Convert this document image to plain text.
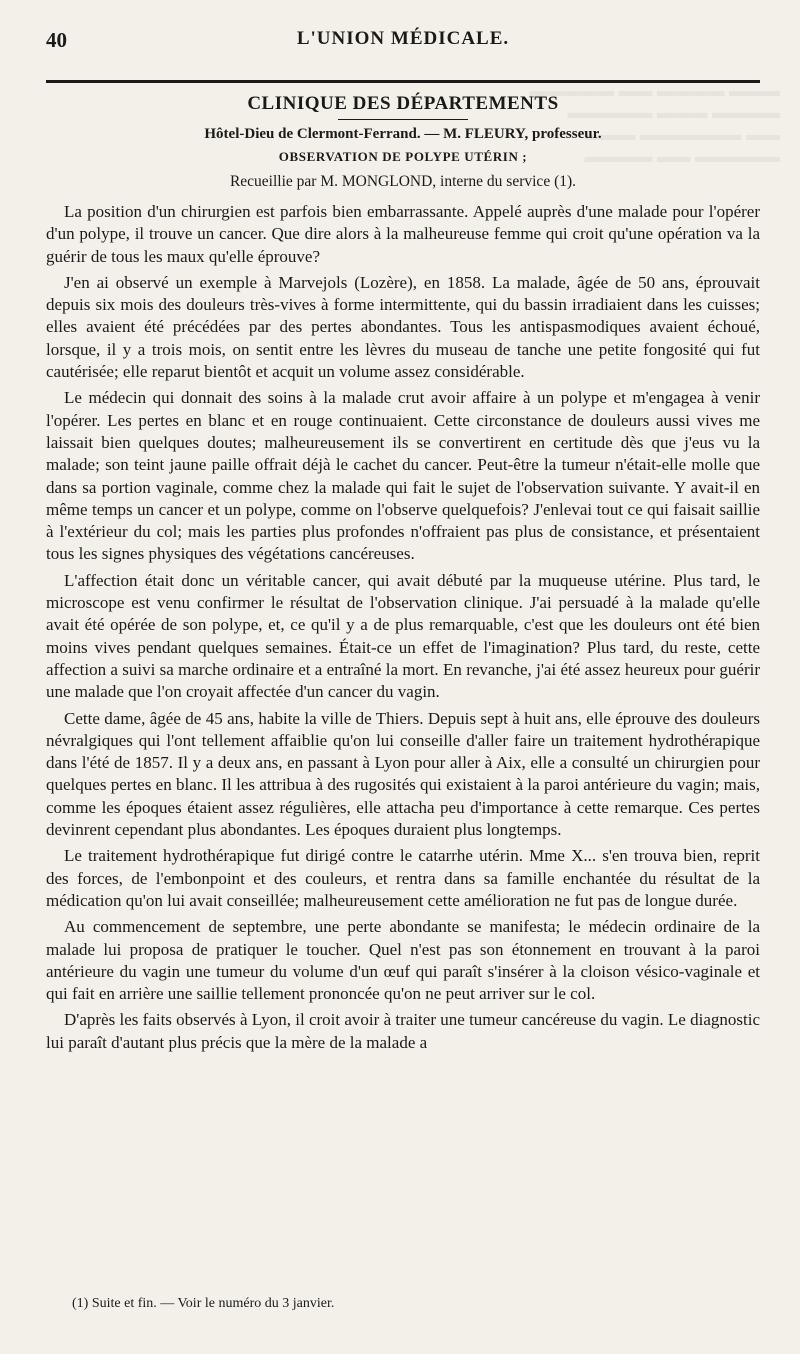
▬▬▬ ▬▬▬▬ ▬▬ ▬▬▬▬▬
▬▬▬▬ ▬▬▬ ▬▬▬▬▬
▬▬ ▬▬▬▬▬▬ ▬▬▬
▬▬▬▬▬ ▬▬ ▬▬▬▬
40	L'UNION MÉDICALE.
CLINIQUE DES DÉPARTEMENTS
Hôtel-Dieu de Clermont-Ferrand. — M. FLEURY, professeur.
OBSERVATION DE POLYPE UTÉRIN ;
Recueillie par M. MONGLOND, interne du service (1).

La position d'un chirurgien est parfois bien embarrassante. Appelé auprès d'une malade pour l'opérer d'un polype, il trouve un cancer. Que dire alors à la malheureuse femme qui croit qu'une opération va la guérir de tous les maux qu'elle éprouve?

J'en ai observé un exemple à Marvejols (Lozère), en 1858. La malade, âgée de 50 ans, éprouvait depuis six mois des douleurs très-vives à forme intermittente, qui du bassin irradiaient dans les cuisses; elles avaient été précédées par des pertes abondantes. Tous les antispasmodiques avaient échoué, lorsque, il y a trois mois, on sentit entre les lèvres du museau de tanche une petite fongosité qui fut cautérisée; elle reparut bientôt et acquit un volume assez considérable.

Le médecin qui donnait des soins à la malade crut avoir affaire à un polype et m'engagea à venir l'opérer. Les pertes en blanc et en rouge continuaient. Cette circonstance de douleurs aussi vives me laissait bien quelques doutes; malheureusement ils se convertirent en certitude dès que j'eus vu la malade; son teint jaune paille offrait déjà le cachet du cancer. Peut-être la tumeur n'était-elle molle que dans sa portion vaginale, comme chez la malade qui fait le sujet de l'observation suivante. Y avait-il en même temps un cancer et un polype, comme on l'observe quelquefois? J'enlevai tout ce qui faisait saillie à l'extérieur du col; mais les parties plus profondes n'offraient pas plus de consistance, et présentaient tous les signes physiques des végétations cancéreuses.

L'affection était donc un véritable cancer, qui avait débuté par la muqueuse utérine. Plus tard, le microscope est venu confirmer le résultat de l'observation clinique. J'ai persuadé à la malade qu'elle avait été opérée de son polype, et, ce qu'il y a de plus remarquable, c'est que les douleurs ont été bien moins vives pendant quelques semaines. Était-ce un effet de l'imagination? Plus tard, du reste, cette affection a suivi sa marche ordinaire et a entraîné la mort. En revanche, j'ai été assez heureux pour guérir une malade que l'on croyait affectée d'un cancer du vagin.

Cette dame, âgée de 45 ans, habite la ville de Thiers. Depuis sept à huit ans, elle éprouve des douleurs névralgiques qui l'ont tellement affaiblie qu'on lui conseille d'aller faire un traitement hydrothérapique dans l'été de 1857. Il y a deux ans, en passant à Lyon pour aller à Aix, elle a consulté un chirurgien pour quelques pertes en blanc. Il les attribua à des rugosités qui existaient à la paroi antérieure du vagin; mais, comme les époques étaient assez régulières, elle attacha peu d'importance à cette remarque. Ces pertes devinrent cependant plus abondantes. Les époques duraient plus longtemps.

Le traitement hydrothérapique fut dirigé contre le catarrhe utérin. Mme X... s'en trouva bien, reprit des forces, de l'embonpoint et des couleurs, et rentra dans sa famille enchantée du résultat de la médication qu'on lui avait conseillée; malheureusement cette amélioration ne fut pas de longue durée.

Au commencement de septembre, une perte abondante se manifesta; le médecin ordinaire de la malade lui proposa de pratiquer le toucher. Quel n'est pas son étonnement en trouvant à la paroi antérieure du vagin une tumeur du volume d'un œuf qui paraît s'insérer à la cloison vésico-vaginale et qui fait en arrière une saillie tellement prononcée qu'on ne peut arriver sur le col.

D'après les faits observés à Lyon, il croit avoir à traiter une tumeur cancéreuse du vagin. Le diagnostic lui paraît d'autant plus précis que la mère de la malade a

(1) Suite et fin. — Voir le numéro du 3 janvier.
